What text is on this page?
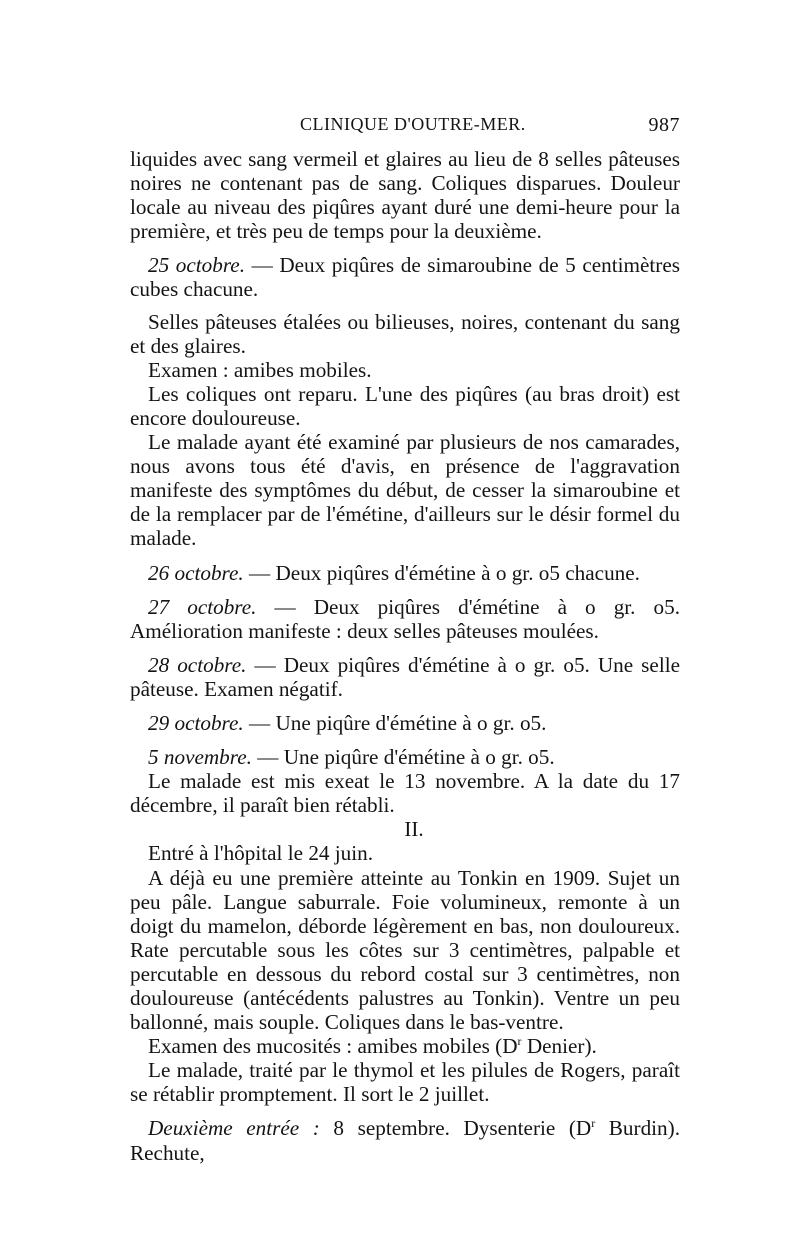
CLINIQUE D'OUTRE-MER.	987

liquides avec sang vermeil et glaires au lieu de 8 selles pâteuses noires ne contenant pas de sang. Coliques disparues. Douleur locale au niveau des piqûres ayant duré une demi-heure pour la première, et très peu de temps pour la deuxième.

25 octobre. — Deux piqûres de simaroubine de 5 centimètres cubes chacune.

Selles pâteuses étalées ou bilieuses, noires, contenant du sang et des glaires.

Examen : amibes mobiles.

Les coliques ont reparu. L'une des piqûres (au bras droit) est encore douloureuse.

Le malade ayant été examiné par plusieurs de nos camarades, nous avons tous été d'avis, en présence de l'aggravation manifeste des symptômes du début, de cesser la simaroubine et de la remplacer par de l'émétine, d'ailleurs sur le désir formel du malade.

26 octobre. — Deux piqûres d'émétine à o gr. o5 chacune.

27 octobre. — Deux piqûres d'émétine à o gr. o5. Amélioration manifeste : deux selles pâteuses moulées.

28 octobre. — Deux piqûres d'émétine à o gr. o5. Une selle pâteuse. Examen négatif.

29 octobre. — Une piqûre d'émétine à o gr. o5.

5 novembre. — Une piqûre d'émétine à o gr. o5.

Le malade est mis exeat le 13 novembre. A la date du 17 décembre, il paraît bien rétabli.

II.

Entré à l'hôpital le 24 juin.

A déjà eu une première atteinte au Tonkin en 1909. Sujet un peu pâle. Langue saburrale. Foie volumineux, remonte à un doigt du mamelon, déborde légèrement en bas, non douloureux. Rate percutable sous les côtes sur 3 centimètres, palpable et percutable en dessous du rebord costal sur 3 centimètres, non douloureuse (antécédents palustres au Tonkin). Ventre un peu ballonné, mais souple. Coliques dans le bas-ventre.

Examen des mucosités : amibes mobiles ($D^r$ Denier).

Le malade, traité par le thymol et les pilules de Rogers, paraît se rétablir promptement. Il sort le 2 juillet.

Deuxième entrée : 8 septembre. Dysenterie ($D^r$ Burdin). Rechute,
